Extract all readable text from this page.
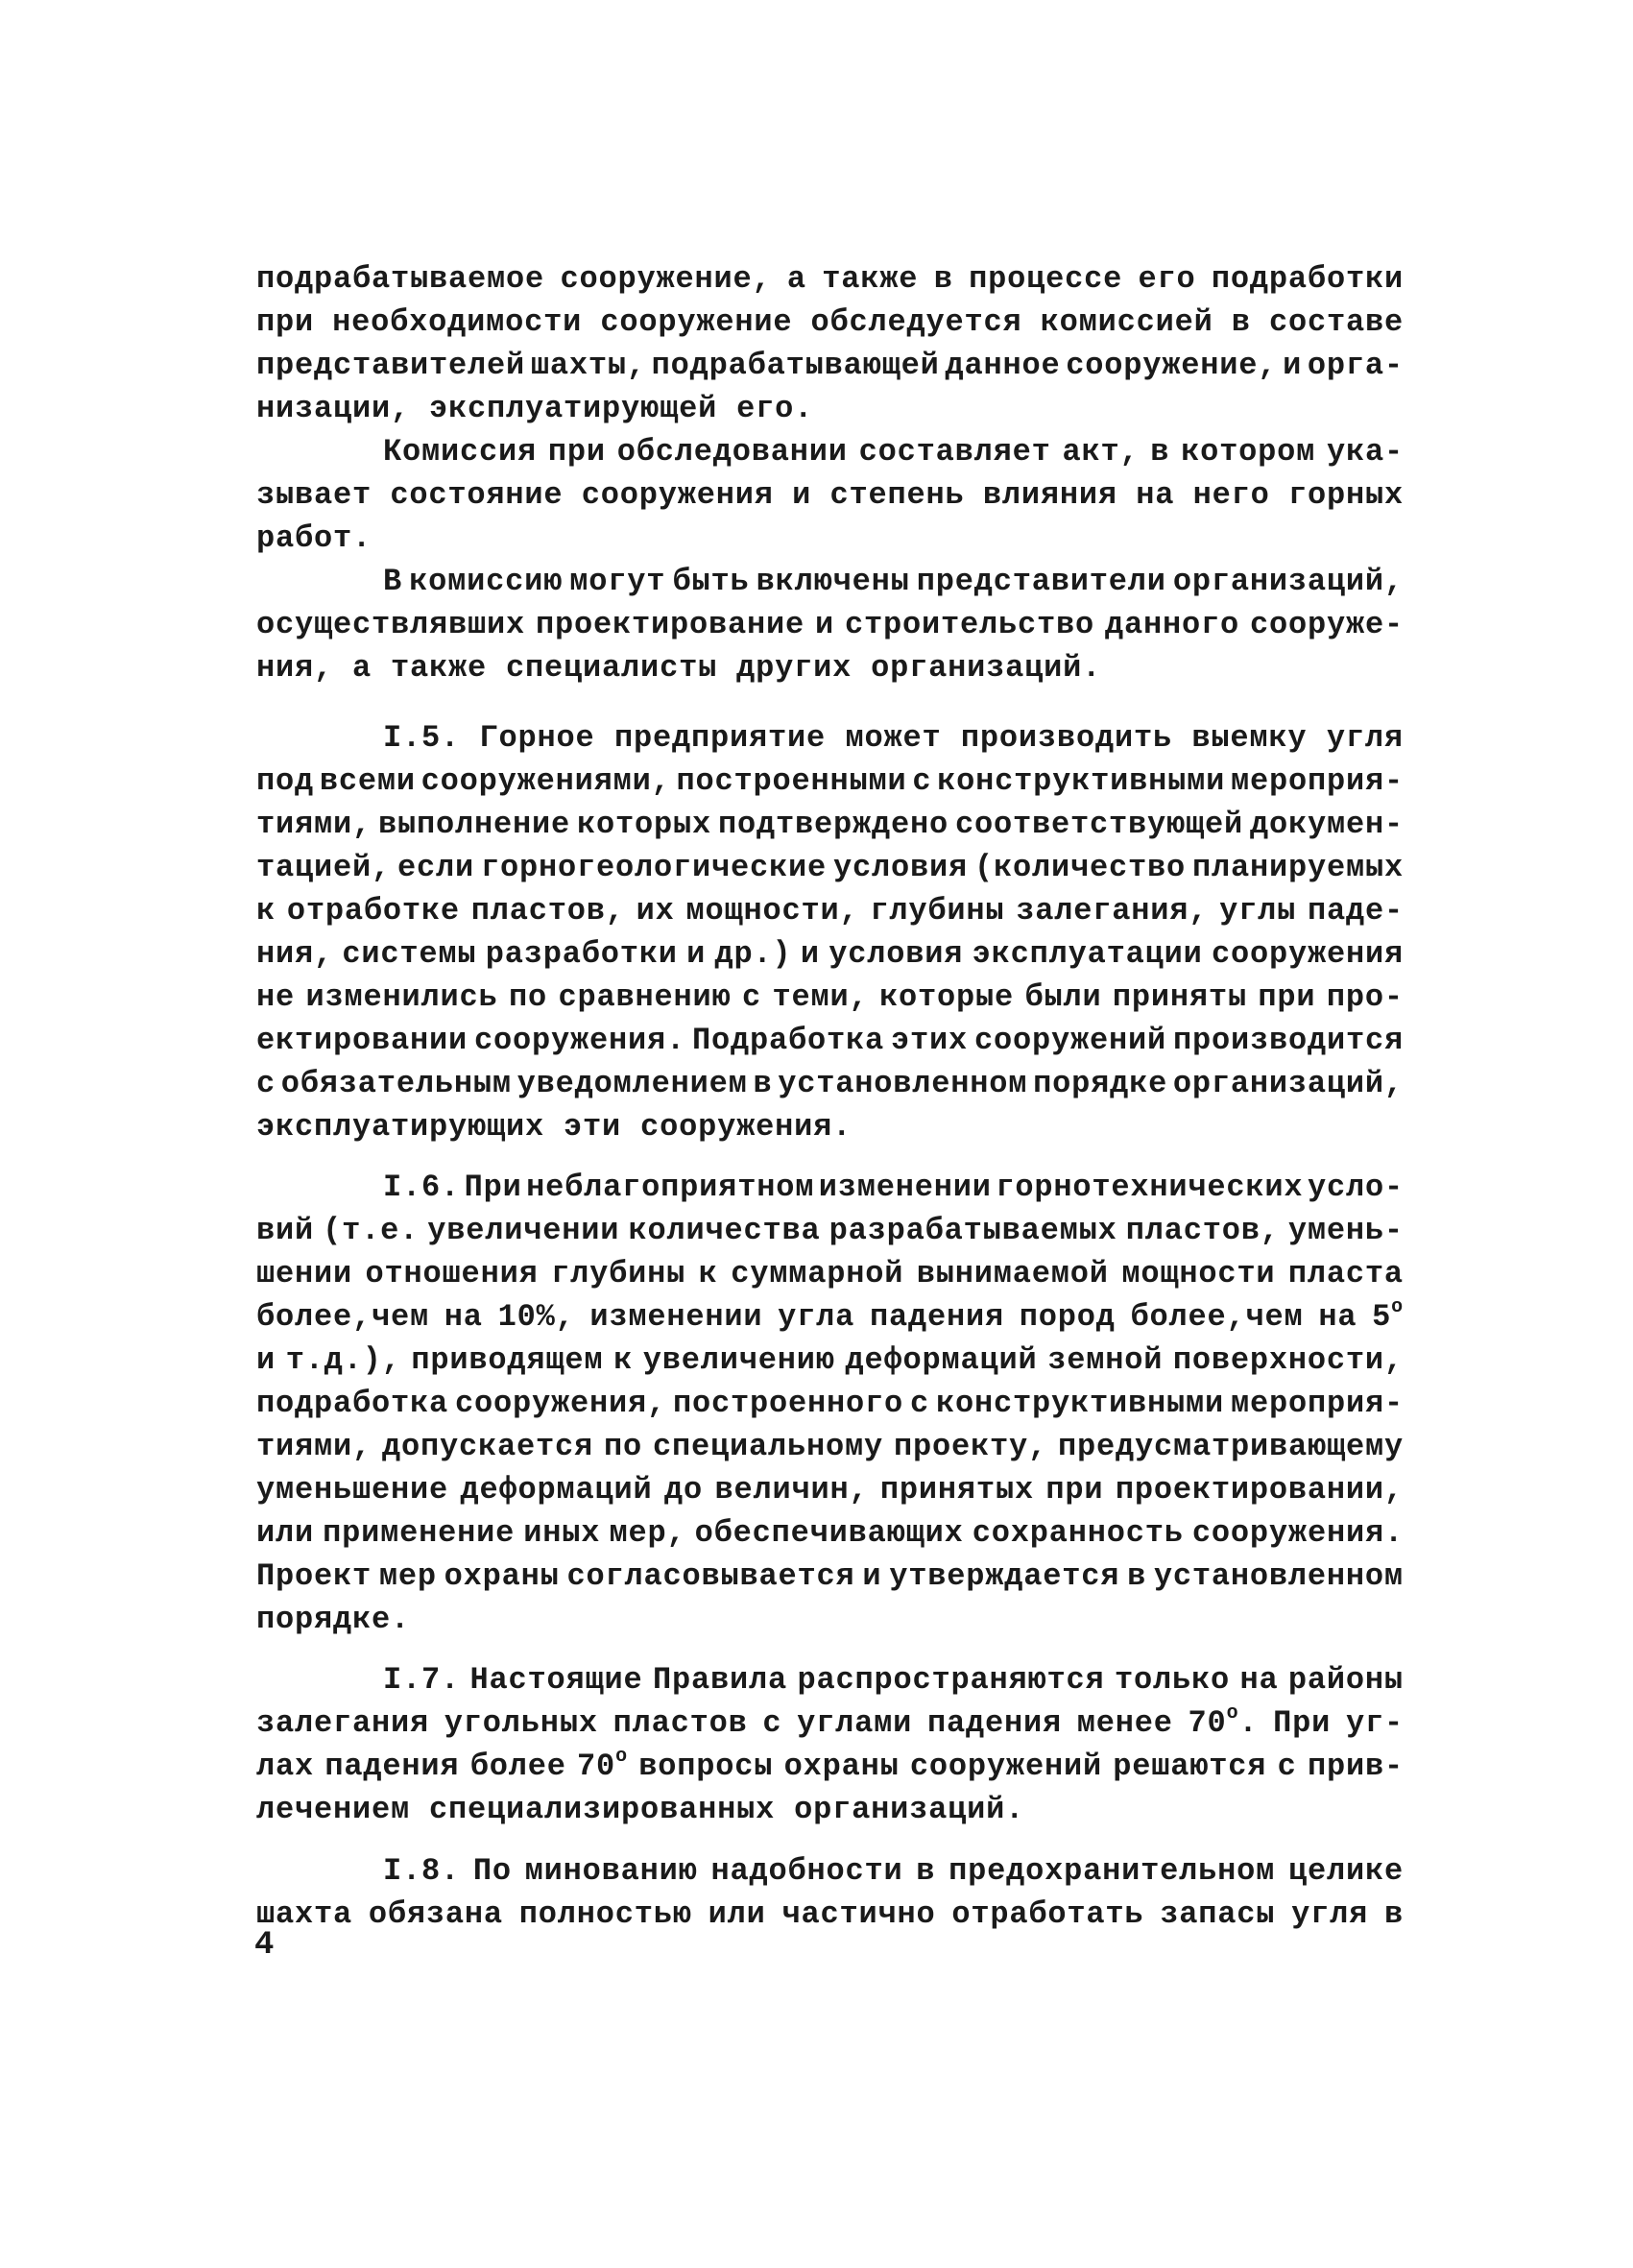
подрабатываемое сооружение, а также в процессе его подработки
при необходимости сооружение обследуется комиссией в составе
представителей шахты, подрабатывающей данное сооружение, и орга-
низации, эксплуатирующей его.
Комиссия при обследовании составляет акт, в котором ука-
зывает состояние сооружения и степень влияния на него горных
работ.
В комиссию могут быть включены представители организаций,
осуществлявших проектирование и строительство данного сооруже-
ния, а также специалисты других организаций.
I.5. Горное предприятие может производить выемку угля
под всеми сооружениями, построенными с конструктивными мероприя-
тиями, выполнение которых подтверждено соответствующей докумен-
тацией, если горногеологические условия (количество планируемых
к отработке пластов, их мощности, глубины залегания, углы паде-
ния, системы разработки и др.) и условия эксплуатации сооружения
не изменились по сравнению с теми, которые были приняты при про-
ектировании сооружения. Подработка этих сооружений производится
с обязательным уведомлением в установленном порядке организаций,
эксплуатирующих эти сооружения.
I.6. При неблагоприятном изменении горнотехнических усло-
вий (т.е. увеличении количества разрабатываемых пластов, умень-
шении отношения глубины к суммарной вынимаемой мощности пласта
более,чем на 10%, изменении угла падения пород более,чем на 5$^o$
и т.д.), приводящем к увеличению деформаций земной поверхности,
подработка сооружения, построенного с конструктивными мероприя-
тиями, допускается по специальному проекту, предусматривающему
уменьшение деформаций до величин, принятых при проектировании,
или применение иных мер, обеспечивающих сохранность сооружения.
Проект мер охраны согласовывается и утверждается в установленном
порядке.
I.7. Настоящие Правила распространяются только на районы
залегания угольных пластов с углами падения менее 70$^o$. При уг-
лах падения более 70$^o$ вопросы охраны сооружений решаются с прив-
лечением специализированных организаций.
I.8. По минованию надобности в предохранительном целике
шахта обязана полностью или частично отработать запасы угля в
4
